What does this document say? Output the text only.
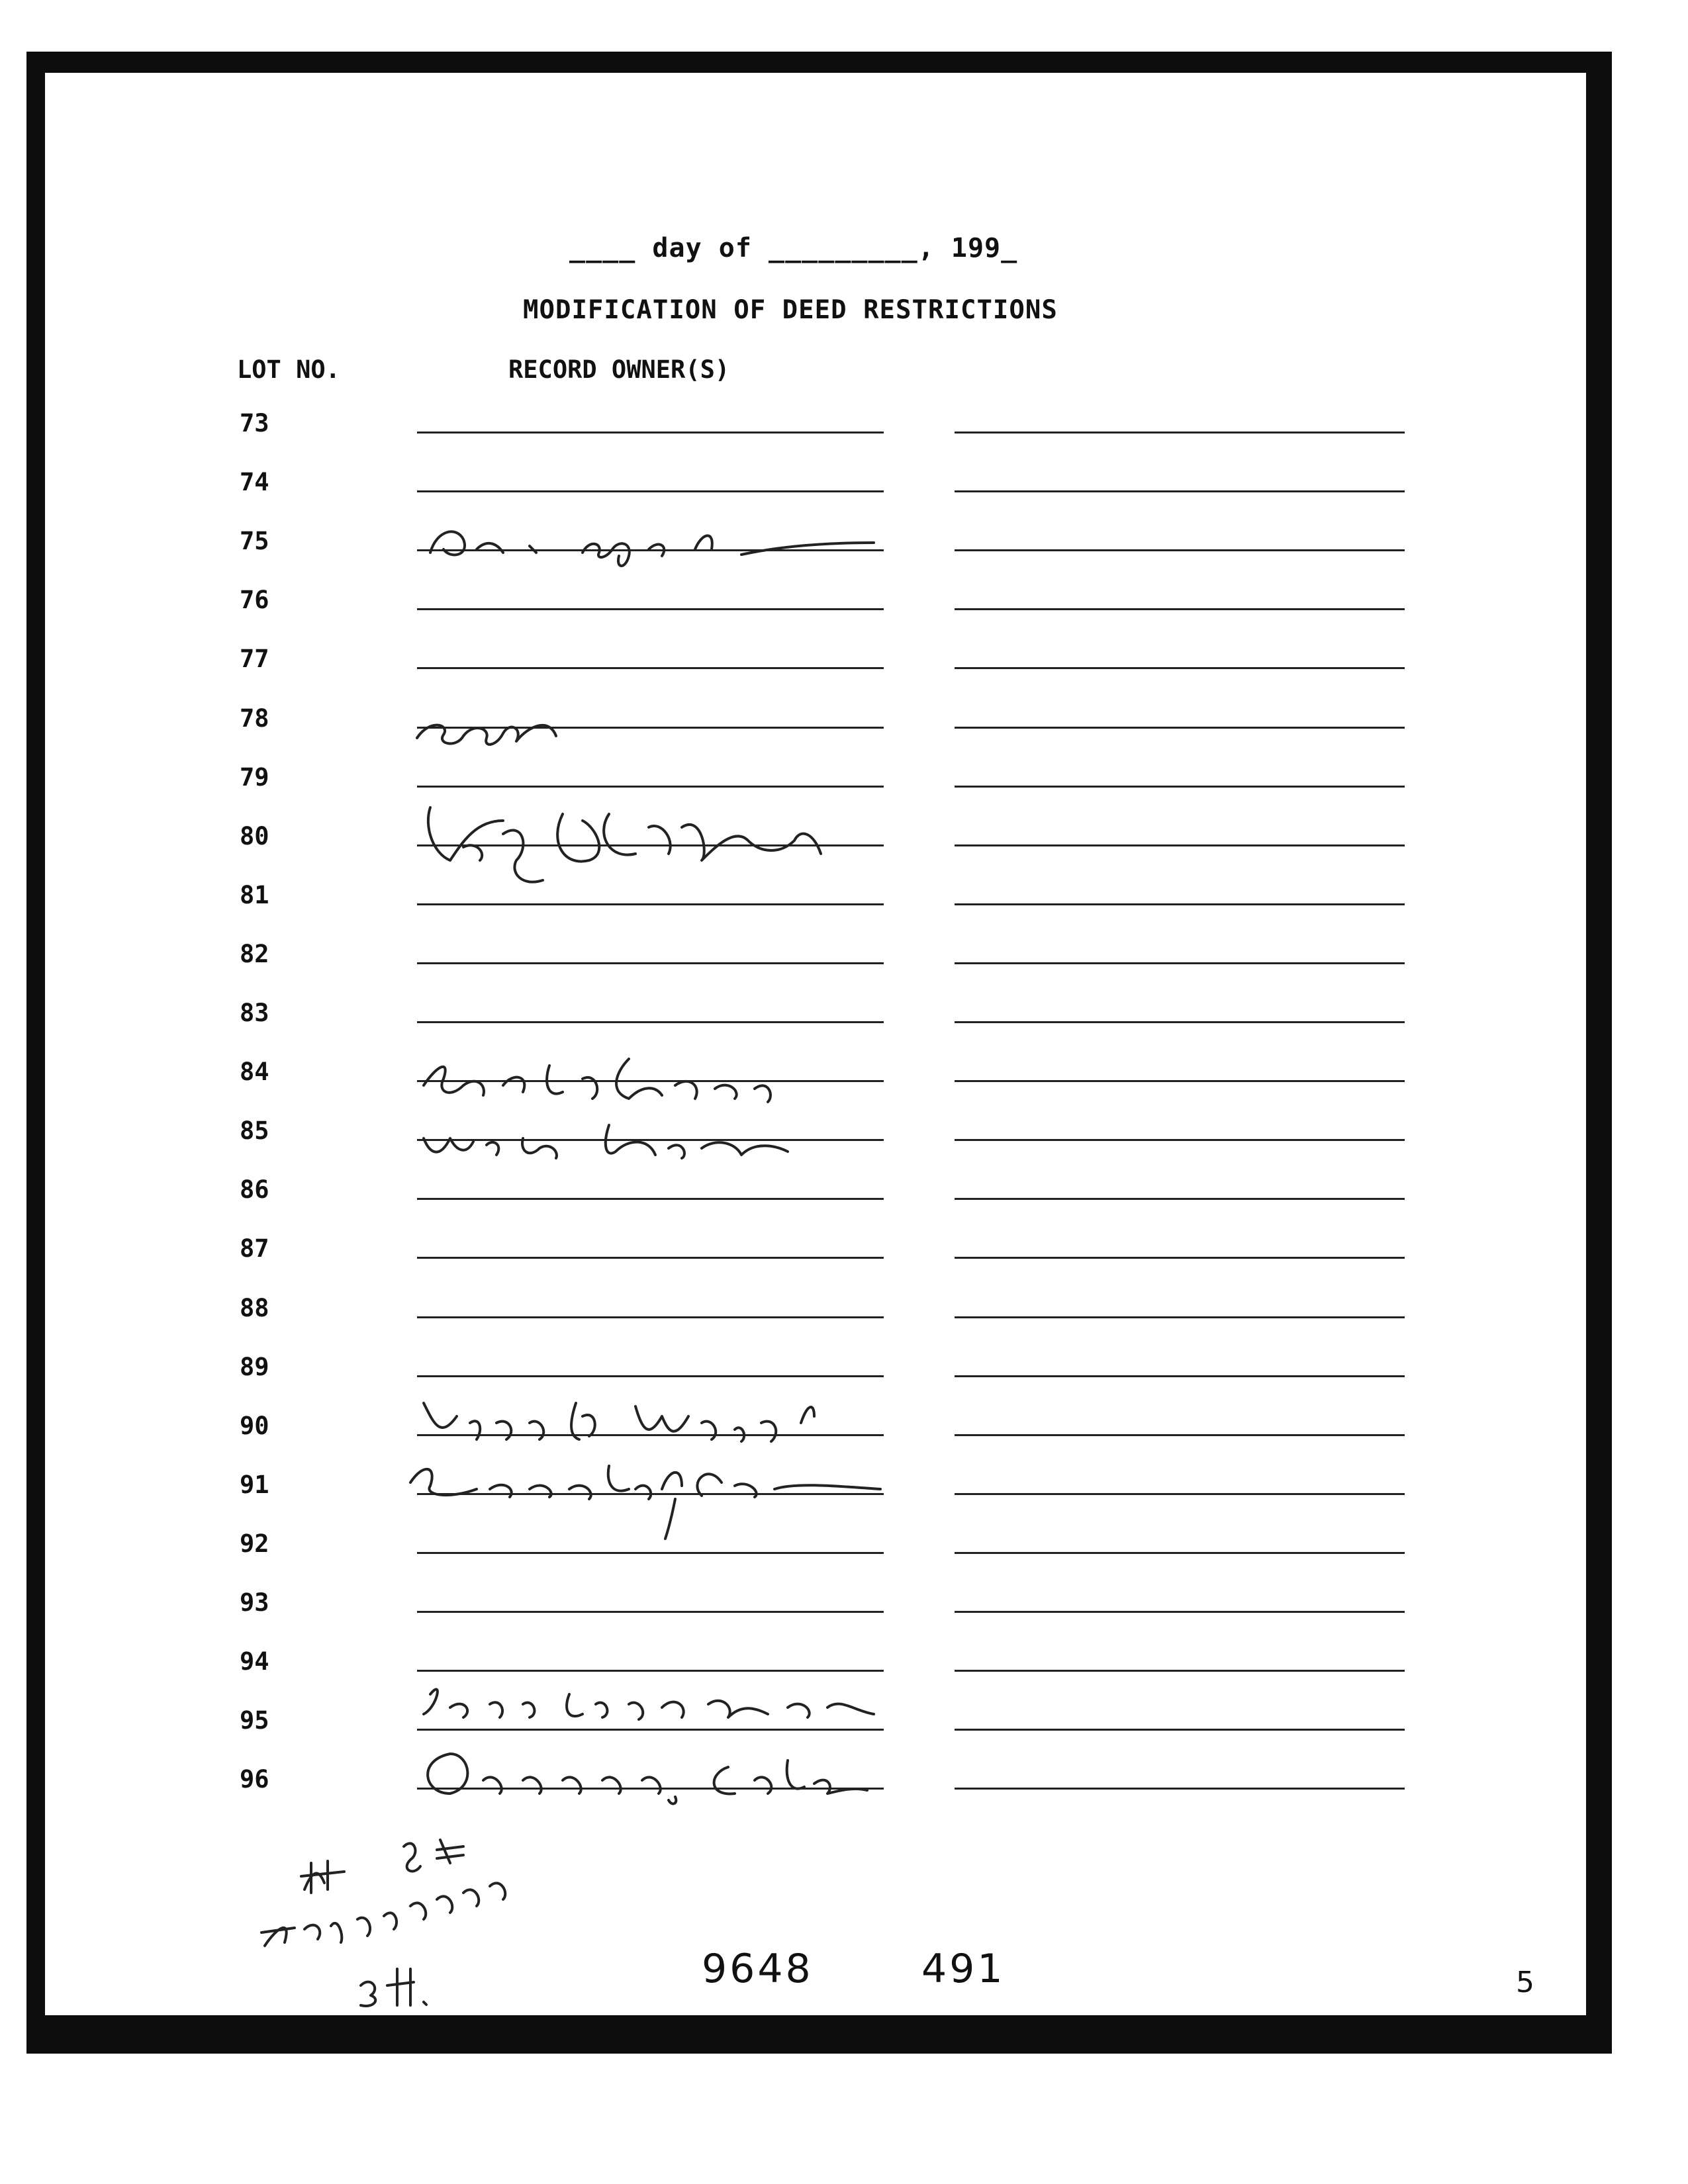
____ day of _________, 199_
MODIFICATION OF DEED RESTRICTIONS
LOT NO.	RECORD OWNER(S)
73
74
75
76
77
78
79
80
81
82
83
84
85
86
87
88
89
90
91
92
93
94
95
96
9648	491	5
